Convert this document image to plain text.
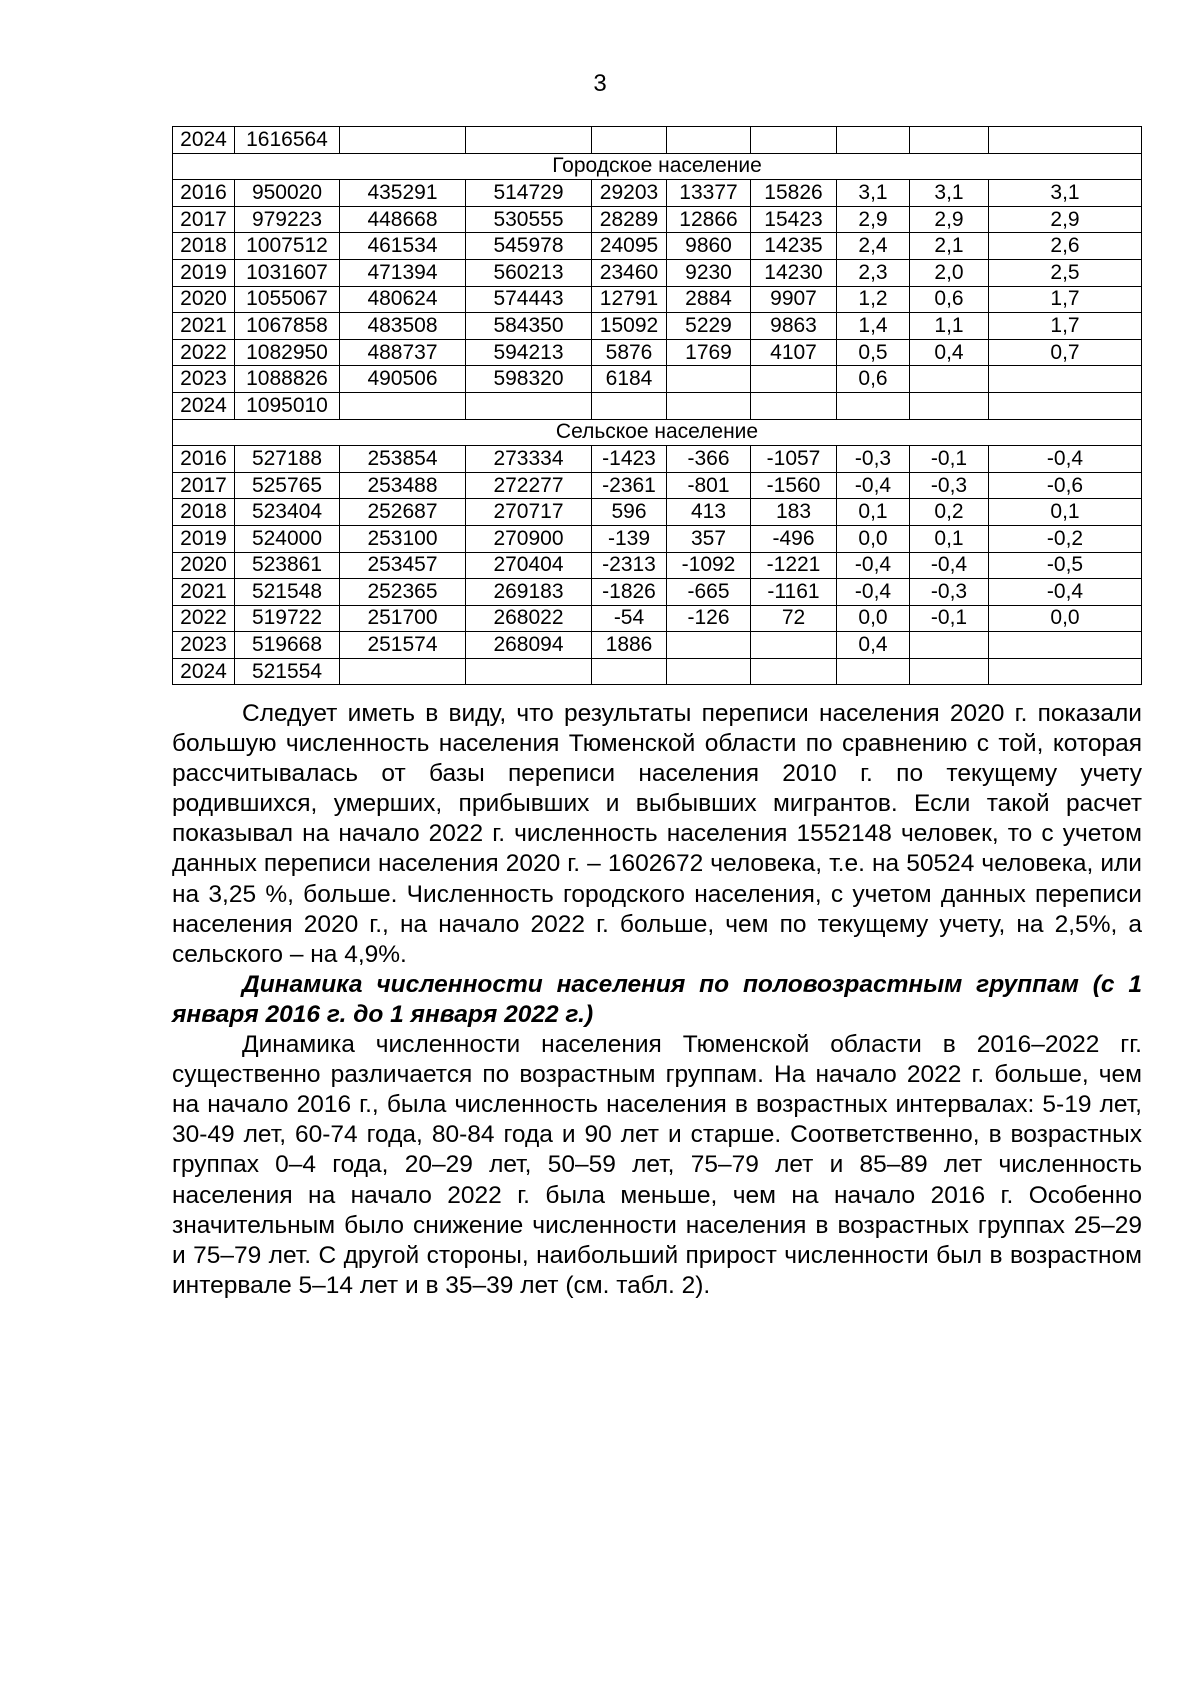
3
2024	1616564								
Городское население									
2016	950020	435291	514729	29203	13377	15826	3,1	3,1	3,1
2017	979223	448668	530555	28289	12866	15423	2,9	2,9	2,9
2018	1007512	461534	545978	24095	9860	14235	2,4	2,1	2,6
2019	1031607	471394	560213	23460	9230	14230	2,3	2,0	2,5
2020	1055067	480624	574443	12791	2884	9907	1,2	0,6	1,7
2021	1067858	483508	584350	15092	5229	9863	1,4	1,1	1,7
2022	1082950	488737	594213	5876	1769	4107	0,5	0,4	0,7
2023	1088826	490506	598320	6184			0,6		
2024	1095010								
Сельское население									
2016	527188	253854	273334	-1423	-366	-1057	-0,3	-0,1	-0,4
2017	525765	253488	272277	-2361	-801	-1560	-0,4	-0,3	-0,6
2018	523404	252687	270717	596	413	183	0,1	0,2	0,1
2019	524000	253100	270900	-139	357	-496	0,0	0,1	-0,2
2020	523861	253457	270404	-2313	-1092	-1221	-0,4	-0,4	-0,5
2021	521548	252365	269183	-1826	-665	-1161	-0,4	-0,3	-0,4
2022	519722	251700	268022	-54	-126	72	0,0	-0,1	0,0
2023	519668	251574	268094	1886			0,4		
2024	521554								

Следует иметь в виду, что результаты переписи населения 2020 г. показали большую численность населения Тюменской области по сравнению с той, которая рассчитывалась от базы переписи населения 2010 г. по текущему учету родившихся, умерших, прибывших и выбывших мигрантов. Если такой расчет показывал на начало 2022 г. численность населения 1552148 человек, то с учетом данных переписи населения 2020 г. – 1602672 человека, т.е. на 50524 человека, или на 3,25 %, больше. Численность городского населения, с учетом данных переписи населения 2020 г., на начало 2022 г. больше, чем по текущему учету, на 2,5%, а сельского – на 4,9%.

Динамика численности населения по половозрастным группам (с 1 января 2016 г. до 1 января 2022 г.)

Динамика численности населения Тюменской области в 2016–2022 гг. существенно различается по возрастным группам. На начало 2022 г. больше, чем на начало 2016 г., была численность населения в возрастных интервалах: 5-19 лет, 30-49 лет, 60-74 года, 80-84 года и 90 лет и старше. Соответственно, в возрастных группах 0–4 года, 20–29 лет, 50–59 лет, 75–79 лет и 85–89 лет численность населения на начало 2022 г. была меньше, чем на начало 2016 г. Особенно значительным было снижение численности населения в возрастных группах 25–29 и 75–79 лет. С другой стороны, наибольший прирост численности был в возрастном интервале 5–14 лет и в 35–39 лет (см. табл. 2).
